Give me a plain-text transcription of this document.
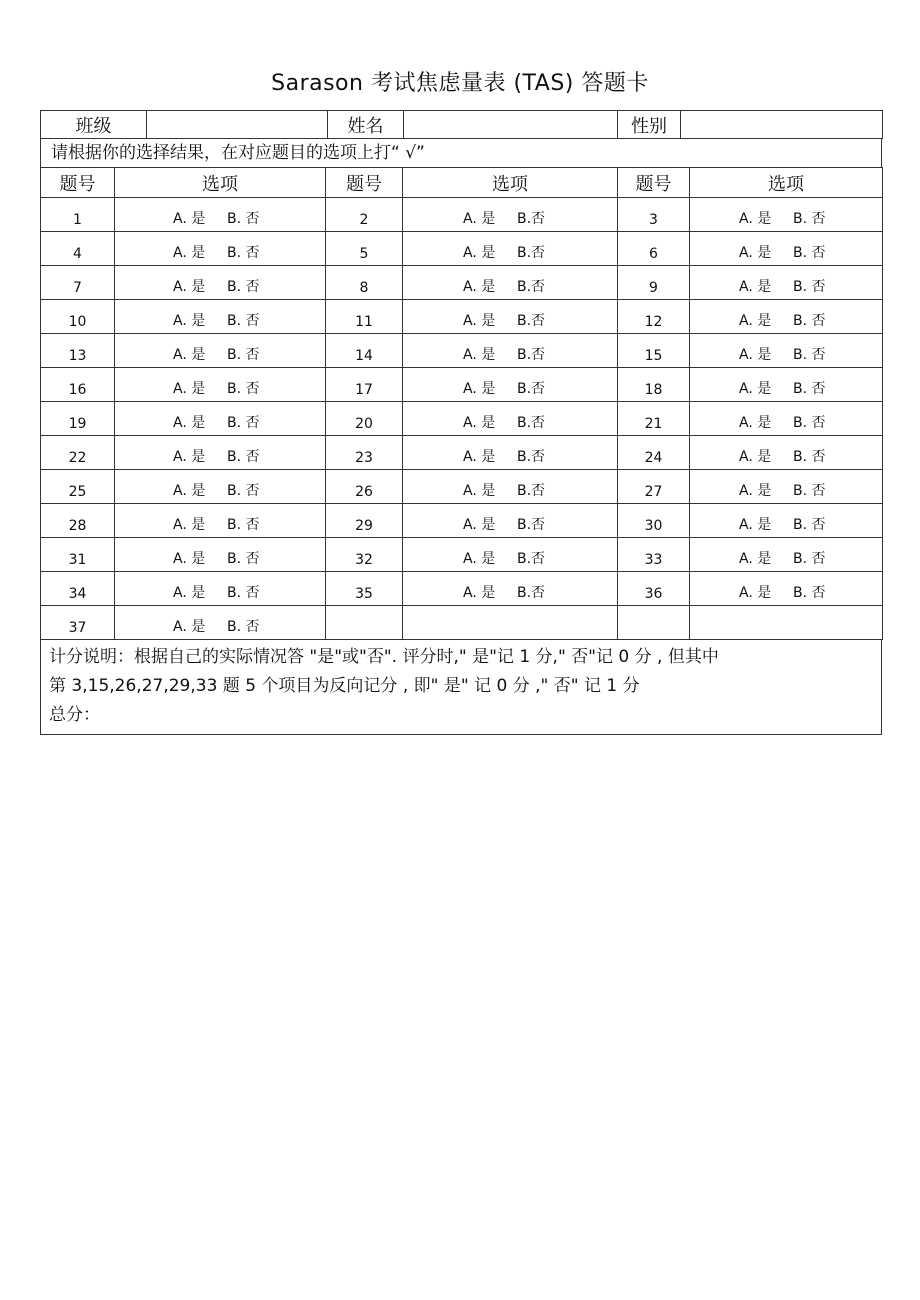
Sarason 考试焦虑量表 (TAS) 答题卡
班级		姓名		性别	
请根据你的选择结果，在对应题目的选项上打“ √”
题号	选项	题号	选项	题号	选项
1	A. 是 B. 否	2	A. 是 B.否	3	A. 是 B. 否
4	A. 是 B. 否	5	A. 是 B.否	6	A. 是 B. 否
7	A. 是 B. 否	8	A. 是 B.否	9	A. 是 B. 否
10	A. 是 B. 否	11	A. 是 B.否	12	A. 是 B. 否
13	A. 是 B. 否	14	A. 是 B.否	15	A. 是 B. 否
16	A. 是 B. 否	17	A. 是 B.否	18	A. 是 B. 否
19	A. 是 B. 否	20	A. 是 B.否	21	A. 是 B. 否
22	A. 是 B. 否	23	A. 是 B.否	24	A. 是 B. 否
25	A. 是 B. 否	26	A. 是 B.否	27	A. 是 B. 否
28	A. 是 B. 否	29	A. 是 B.否	30	A. 是 B. 否
31	A. 是 B. 否	32	A. 是 B.否	33	A. 是 B. 否
34	A. 是 B. 否	35	A. 是 B.否	36	A. 是 B. 否
37	A. 是 B. 否				
计分说明：根据自己的实际情况答 "是"或"否". 评分时," 是"记 1 分," 否"记 0 分 , 但其中
第 3,15,26,27,29,33 题 5 个项目为反向记分 , 即" 是" 记 0 分 ," 否" 记 1 分
总分：
